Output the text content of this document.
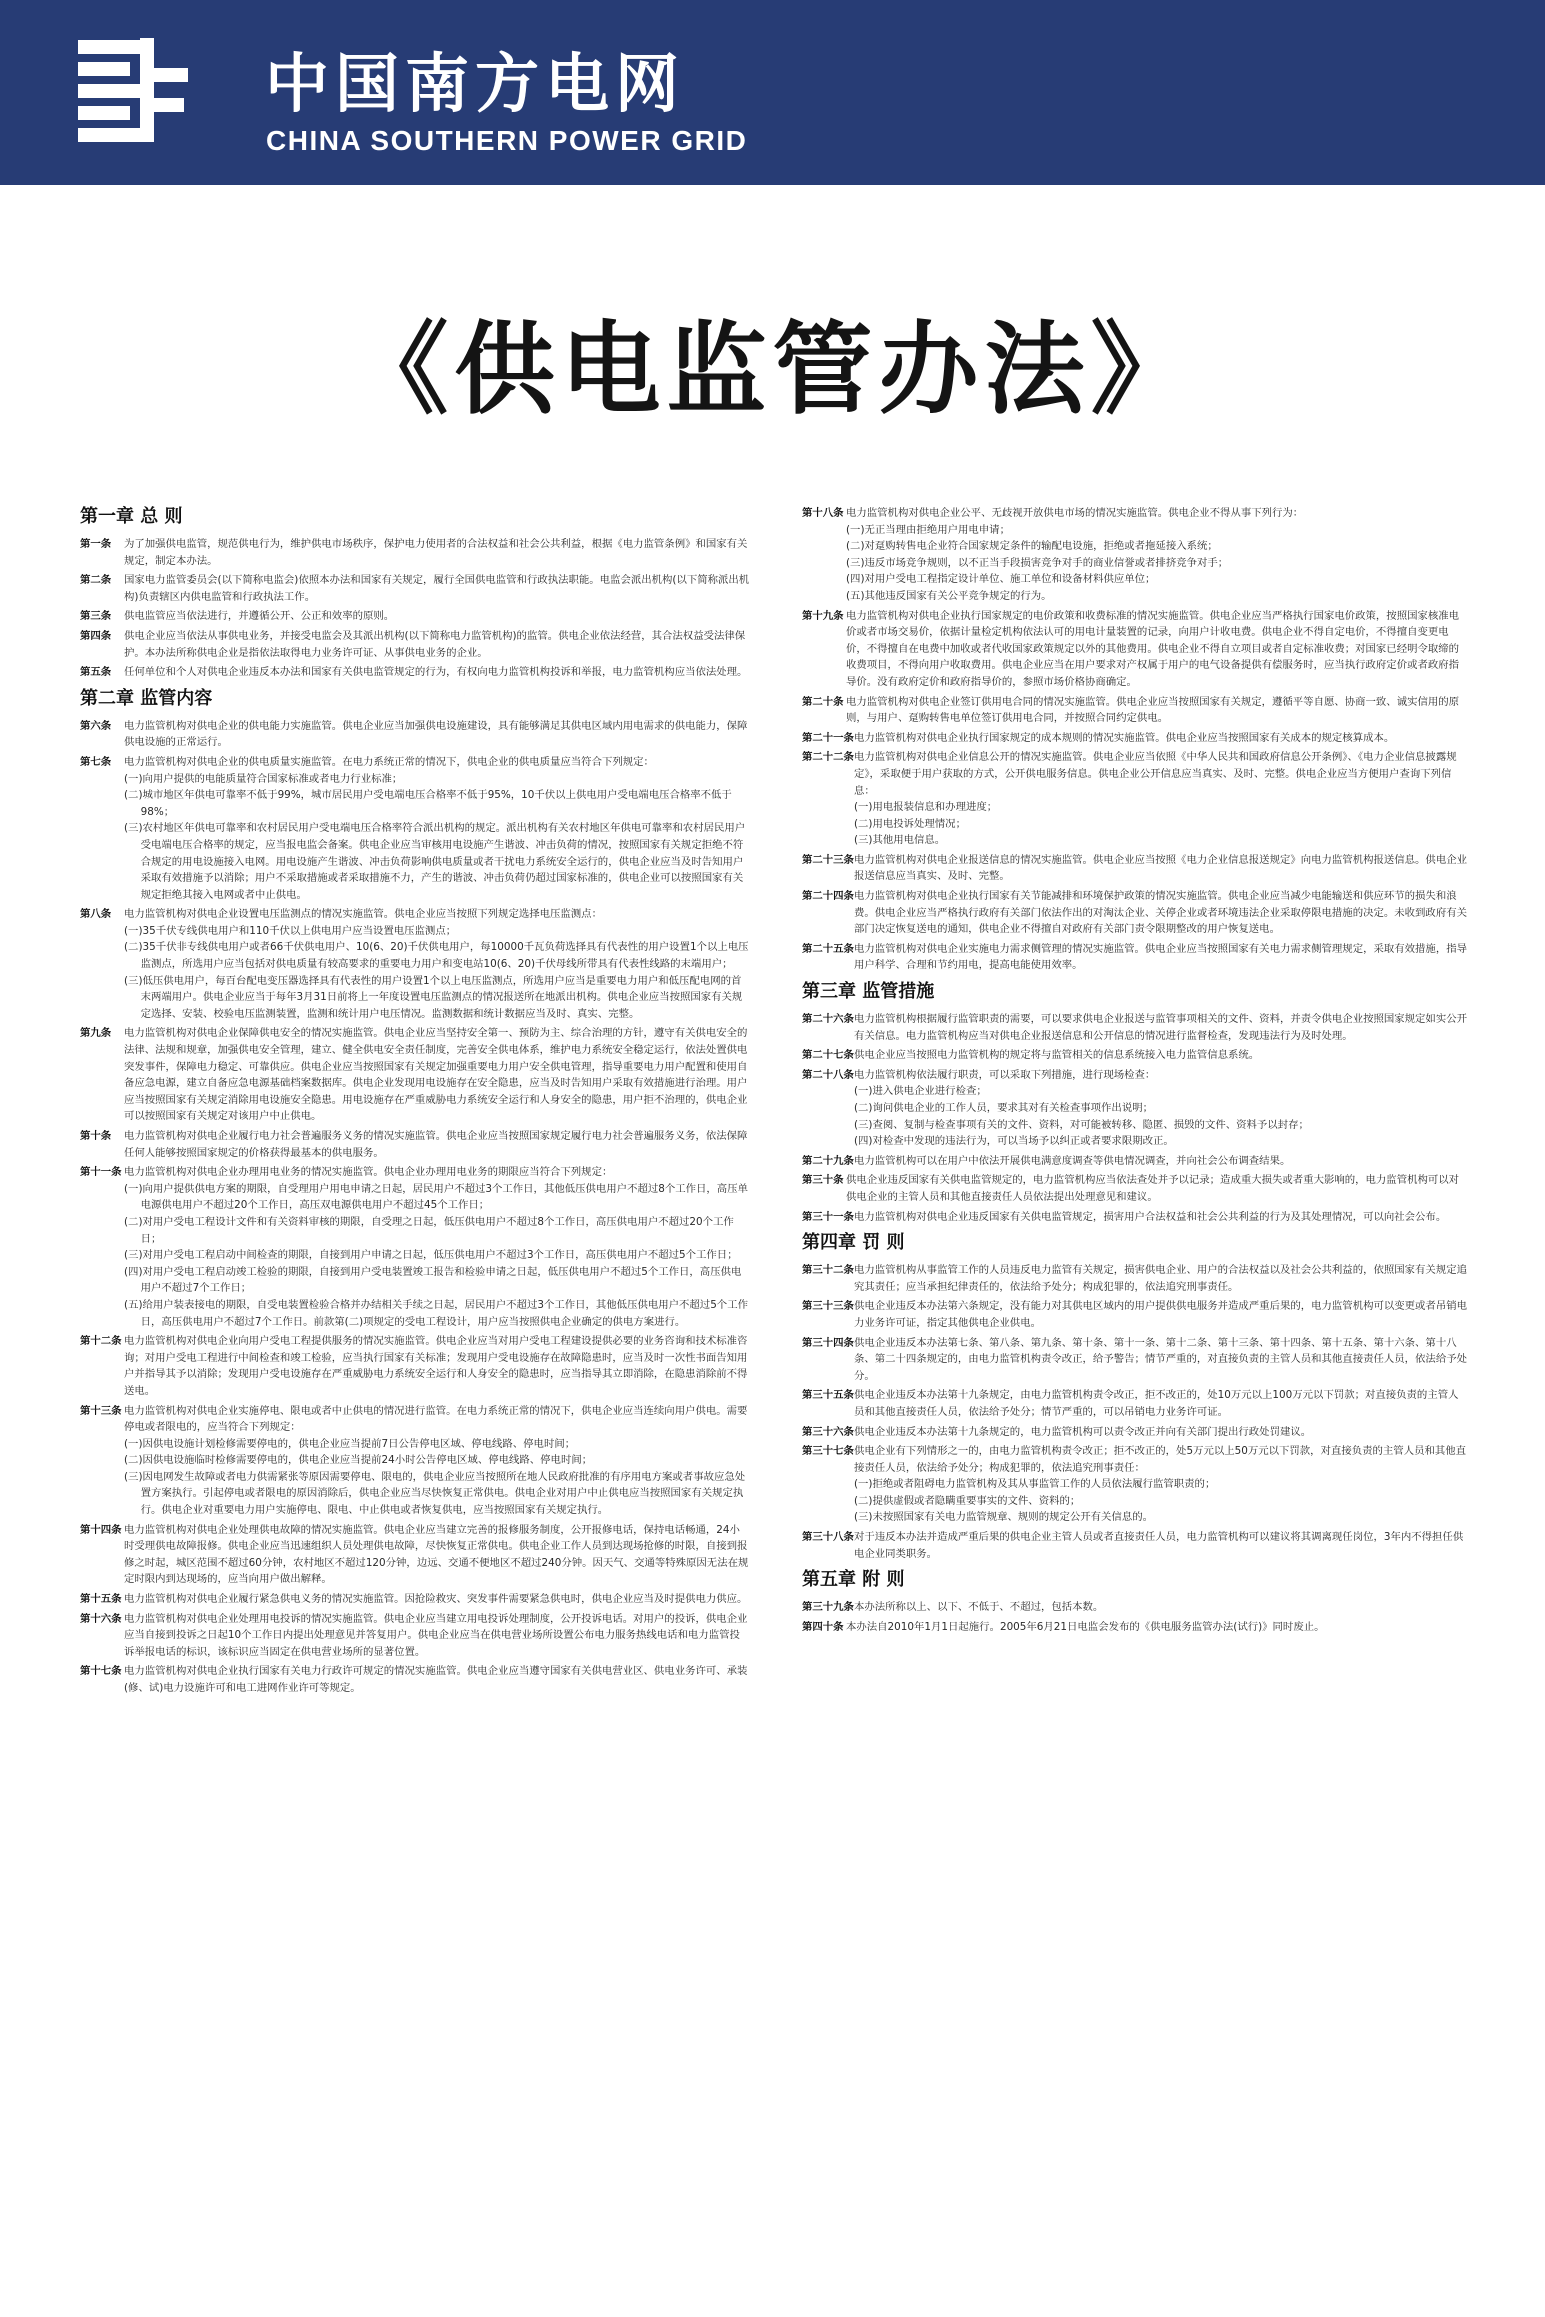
中国南方电网
CHINA SOUTHERN POWER GRID
《供电监管办法》
第一章 总 则
第一条	为了加强供电监管，规范供电行为，维护供电市场秩序，保护电力使用者的合法权益和社会公共利益，根据《电力监管条例》和国家有关规定，制定本办法。
第二条	国家电力监管委员会(以下简称电监会)依照本办法和国家有关规定，履行全国供电监管和行政执法职能。电监会派出机构(以下简称派出机构)负责辖区内供电监管和行政执法工作。
第三条	供电监管应当依法进行，并遵循公开、公正和效率的原则。
第四条	供电企业应当依法从事供电业务，并接受电监会及其派出机构(以下简称电力监管机构)的监管。供电企业依法经营，其合法权益受法律保护。本办法所称供电企业是指依法取得电力业务许可证、从事供电业务的企业。
第五条	任何单位和个人对供电企业违反本办法和国家有关供电监管规定的行为，有权向电力监管机构投诉和举报，电力监管机构应当依法处理。
第二章 监管内容
第六条	电力监管机构对供电企业的供电能力实施监管。供电企业应当加强供电设施建设，具有能够满足其供电区域内用电需求的供电能力，保障供电设施的正常运行。
第七条	电力监管机构对供电企业的供电质量实施监管。在电力系统正常的情况下，供电企业的供电质量应当符合下列规定：
(一)向用户提供的电能质量符合国家标准或者电力行业标准；
(二)城市地区年供电可靠率不低于99%，城市居民用户受电端电压合格率不低于95%，10千伏以上供电用户受电端电压合格率不低于98%；
(三)农村地区年供电可靠率和农村居民用户受电端电压合格率符合派出机构的规定。派出机构有关农村地区年供电可靠率和农村居民用户受电端电压合格率的规定，应当报电监会备案。供电企业应当审核用电设施产生谐波、冲击负荷的情况，按照国家有关规定拒绝不符合规定的用电设施接入电网。用电设施产生谐波、冲击负荷影响供电质量或者干扰电力系统安全运行的，供电企业应当及时告知用户采取有效措施予以消除；用户不采取措施或者采取措施不力，产生的谐波、冲击负荷仍超过国家标准的，供电企业可以按照国家有关规定拒绝其接入电网或者中止供电。
第八条	电力监管机构对供电企业设置电压监测点的情况实施监管。供电企业应当按照下列规定选择电压监测点：
(一)35千伏专线供电用户和110千伏以上供电用户应当设置电压监测点；
(二)35千伏非专线供电用户或者66千伏供电用户、10(6、20)千伏供电用户，每10000千瓦负荷选择具有代表性的用户设置1个以上电压监测点，所选用户应当包括对供电质量有较高要求的重要电力用户和变电站10(6、20)千伏母线所带具有代表性线路的末端用户；
(三)低压供电用户，每百台配电变压器选择具有代表性的用户设置1个以上电压监测点，所选用户应当是重要电力用户和低压配电网的首末两端用户。供电企业应当于每年3月31日前将上一年度设置电压监测点的情况报送所在地派出机构。供电企业应当按照国家有关规定选择、安装、校验电压监测装置，监测和统计用户电压情况。监测数据和统计数据应当及时、真实、完整。
第九条	电力监管机构对供电企业保障供电安全的情况实施监管。供电企业应当坚持安全第一、预防为主、综合治理的方针，遵守有关供电安全的法律、法规和规章，加强供电安全管理，建立、健全供电安全责任制度，完善安全供电体系，维护电力系统安全稳定运行，依法处置供电突发事件，保障电力稳定、可靠供应。供电企业应当按照国家有关规定加强重要电力用户安全供电管理，指导重要电力用户配置和使用自备应急电源，建立自备应急电源基础档案数据库。供电企业发现用电设施存在安全隐患，应当及时告知用户采取有效措施进行治理。用户应当按照国家有关规定消除用电设施安全隐患。用电设施存在严重威胁电力系统安全运行和人身安全的隐患，用户拒不治理的，供电企业可以按照国家有关规定对该用户中止供电。
第十条	电力监管机构对供电企业履行电力社会普遍服务义务的情况实施监管。供电企业应当按照国家规定履行电力社会普遍服务义务，依法保障任何人能够按照国家规定的价格获得最基本的供电服务。
第十一条 电力监管机构对供电企业办理用电业务的情况实施监管。供电企业办理用电业务的期限应当符合下列规定：
(一)向用户提供供电方案的期限，自受理用户用电申请之日起，居民用户不超过3个工作日，其他低压供电用户不超过8个工作日，高压单电源供电用户不超过20个工作日，高压双电源供电用户不超过45个工作日；
(二)对用户受电工程设计文件和有关资料审核的期限，自受理之日起，低压供电用户不超过8个工作日，高压供电用户不超过20个工作日；
(三)对用户受电工程启动中间检查的期限，自接到用户申请之日起，低压供电用户不超过3个工作日，高压供电用户不超过5个工作日；
(四)对用户受电工程启动竣工检验的期限，自接到用户受电装置竣工报告和检验申请之日起，低压供电用户不超过5个工作日，高压供电用户不超过7个工作日；
(五)给用户装表接电的期限，自受电装置检验合格并办结相关手续之日起，居民用户不超过3个工作日，其他低压供电用户不超过5个工作日，高压供电用户不超过7个工作日。前款第(二)项规定的受电工程设计，用户应当按照供电企业确定的供电方案进行。
第十二条 电力监管机构对供电企业向用户受电工程提供服务的情况实施监管。供电企业应当对用户受电工程建设提供必要的业务咨询和技术标准咨询；对用户受电工程进行中间检查和竣工检验，应当执行国家有关标准；发现用户受电设施存在故障隐患时，应当及时一次性书面告知用户并指导其予以消除；发现用户受电设施存在严重威胁电力系统安全运行和人身安全的隐患时，应当指导其立即消除，在隐患消除前不得送电。
第十三条 电力监管机构对供电企业实施停电、限电或者中止供电的情况进行监管。在电力系统正常的情况下，供电企业应当连续向用户供电。需要停电或者限电的，应当符合下列规定：
(一)因供电设施计划检修需要停电的，供电企业应当提前7日公告停电区域、停电线路、停电时间；
(二)因供电设施临时检修需要停电的，供电企业应当提前24小时公告停电区域、停电线路、停电时间；
(三)因电网发生故障或者电力供需紧张等原因需要停电、限电的，供电企业应当按照所在地人民政府批准的有序用电方案或者事故应急处置方案执行。引起停电或者限电的原因消除后，供电企业应当尽快恢复正常供电。供电企业对用户中止供电应当按照国家有关规定执行。供电企业对重要电力用户实施停电、限电、中止供电或者恢复供电，应当按照国家有关规定执行。
第十四条 电力监管机构对供电企业处理供电故障的情况实施监管。供电企业应当建立完善的报修服务制度，公开报修电话，保持电话畅通，24小时受理供电故障报修。供电企业应当迅速组织人员处理供电故障，尽快恢复正常供电。供电企业工作人员到达现场抢修的时限，自接到报修之时起，城区范围不超过60分钟，农村地区不超过120分钟，边远、交通不便地区不超过240分钟。因天气、交通等特殊原因无法在规定时限内到达现场的，应当向用户做出解释。
第十五条 电力监管机构对供电企业履行紧急供电义务的情况实施监管。因抢险救灾、突发事件需要紧急供电时，供电企业应当及时提供电力供应。
第十六条 电力监管机构对供电企业处理用电投诉的情况实施监管。供电企业应当建立用电投诉处理制度，公开投诉电话。对用户的投诉，供电企业应当自接到投诉之日起10个工作日内提出处理意见并答复用户。供电企业应当在供电营业场所设置公布电力服务热线电话和电力监管投诉举报电话的标识，该标识应当固定在供电营业场所的显著位置。
第十七条 电力监管机构对供电企业执行国家有关电力行政许可规定的情况实施监管。供电企业应当遵守国家有关供电营业区、供电业务许可、承装(修、试)电力设施许可和电工进网作业许可等规定。
第十八条 电力监管机构对供电企业公平、无歧视开放供电市场的情况实施监管。供电企业不得从事下列行为：
(一)无正当理由拒绝用户用电申请；
(二)对趸购转售电企业符合国家规定条件的输配电设施，拒绝或者拖延接入系统；
(三)违反市场竞争规则，以不正当手段损害竞争对手的商业信誉或者排挤竞争对手；
(四)对用户受电工程指定设计单位、施工单位和设备材料供应单位；
(五)其他违反国家有关公平竞争规定的行为。
第十九条 电力监管机构对供电企业执行国家规定的电价政策和收费标准的情况实施监管。供电企业应当严格执行国家电价政策，按照国家核准电价或者市场交易价，依据计量检定机构依法认可的用电计量装置的记录，向用户计收电费。供电企业不得自定电价，不得擅自变更电价，不得擅自在电费中加收或者代收国家政策规定以外的其他费用。供电企业不得自立项目或者自定标准收费；对国家已经明令取缔的收费项目，不得向用户收取费用。供电企业应当在用户要求对产权属于用户的电气设备提供有偿服务时，应当执行政府定价或者政府指导价。没有政府定价和政府指导价的，参照市场价格协商确定。
第二十条 电力监管机构对供电企业签订供用电合同的情况实施监管。供电企业应当按照国家有关规定，遵循平等自愿、协商一致、诚实信用的原则，与用户、趸购转售电单位签订供用电合同，并按照合同约定供电。
第二十一条 电力监管机构对供电企业执行国家规定的成本规则的情况实施监管。供电企业应当按照国家有关成本的规定核算成本。
第二十二条 电力监管机构对供电企业信息公开的情况实施监管。供电企业应当依照《中华人民共和国政府信息公开条例》、《电力企业信息披露规定》，采取便于用户获取的方式，公开供电服务信息。供电企业公开信息应当真实、及时、完整。供电企业应当方便用户查询下列信息：
(一)用电报装信息和办理进度；
(二)用电投诉处理情况；
(三)其他用电信息。
第二十三条 电力监管机构对供电企业报送信息的情况实施监管。供电企业应当按照《电力企业信息报送规定》向电力监管机构报送信息。供电企业报送信息应当真实、及时、完整。
第二十四条 电力监管机构对供电企业执行国家有关节能减排和环境保护政策的情况实施监管。供电企业应当减少电能输送和供应环节的损失和浪费。供电企业应当严格执行政府有关部门依法作出的对淘汰企业、关停企业或者环境违法企业采取停限电措施的决定。未收到政府有关部门决定恢复送电的通知，供电企业不得擅自对政府有关部门责令限期整改的用户恢复送电。
第二十五条 电力监管机构对供电企业实施电力需求侧管理的情况实施监管。供电企业应当按照国家有关电力需求侧管理规定，采取有效措施，指导用户科学、合理和节约用电，提高电能使用效率。
第三章 监管措施
第二十六条 电力监管机构根据履行监管职责的需要，可以要求供电企业报送与监管事项相关的文件、资料，并责令供电企业按照国家规定如实公开有关信息。电力监管机构应当对供电企业报送信息和公开信息的情况进行监督检查，发现违法行为及时处理。
第二十七条 供电企业应当按照电力监管机构的规定将与监管相关的信息系统接入电力监管信息系统。
第二十八条 电力监管机构依法履行职责，可以采取下列措施，进行现场检查：
(一)进入供电企业进行检查；
(二)询问供电企业的工作人员，要求其对有关检查事项作出说明；
(三)查阅、复制与检查事项有关的文件、资料，对可能被转移、隐匿、损毁的文件、资料予以封存；
(四)对检查中发现的违法行为，可以当场予以纠正或者要求限期改正。
第二十九条 电力监管机构可以在用户中依法开展供电满意度调查等供电情况调查，并向社会公布调查结果。
第三十条 供电企业违反国家有关供电监管规定的，电力监管机构应当依法查处并予以记录；造成重大损失或者重大影响的，电力监管机构可以对供电企业的主管人员和其他直接责任人员依法提出处理意见和建议。
第三十一条 电力监管机构对供电企业违反国家有关供电监管规定，损害用户合法权益和社会公共利益的行为及其处理情况，可以向社会公布。
第四章 罚 则
第三十二条 电力监管机构从事监管工作的人员违反电力监管有关规定，损害供电企业、用户的合法权益以及社会公共利益的，依照国家有关规定追究其责任；应当承担纪律责任的，依法给予处分；构成犯罪的，依法追究刑事责任。
第三十三条 供电企业违反本办法第六条规定，没有能力对其供电区域内的用户提供供电服务并造成严重后果的，电力监管机构可以变更或者吊销电力业务许可证，指定其他供电企业供电。
第三十四条 供电企业违反本办法第七条、第八条、第九条、第十条、第十一条、第十二条、第十三条、第十四条、第十五条、第十六条、第十八条、第二十四条规定的，由电力监管机构责令改正，给予警告；情节严重的，对直接负责的主管人员和其他直接责任人员，依法给予处分。
第三十五条 供电企业违反本办法第十九条规定，由电力监管机构责令改正，拒不改正的，处10万元以上100万元以下罚款；对直接负责的主管人员和其他直接责任人员，依法给予处分；情节严重的，可以吊销电力业务许可证。
第三十六条 供电企业违反本办法第十九条规定的，电力监管机构可以责令改正并向有关部门提出行政处罚建议。
第三十七条 供电企业有下列情形之一的，由电力监管机构责令改正；拒不改正的，处5万元以上50万元以下罚款，对直接负责的主管人员和其他直接责任人员，依法给予处分；构成犯罪的，依法追究刑事责任：
(一)拒绝或者阻碍电力监管机构及其从事监管工作的人员依法履行监管职责的；
(二)提供虚假或者隐瞒重要事实的文件、资料的；
(三)未按照国家有关电力监管规章、规则的规定公开有关信息的。
第三十八条 对于违反本办法并造成严重后果的供电企业主管人员或者直接责任人员，电力监管机构可以建议将其调离现任岗位，3年内不得担任供电企业同类职务。
第五章 附 则
第三十九条 本办法所称以上、以下、不低于、不超过，包括本数。
第四十条 本办法自2010年1月1日起施行。2005年6月21日电监会发布的《供电服务监管办法(试行)》同时废止。
